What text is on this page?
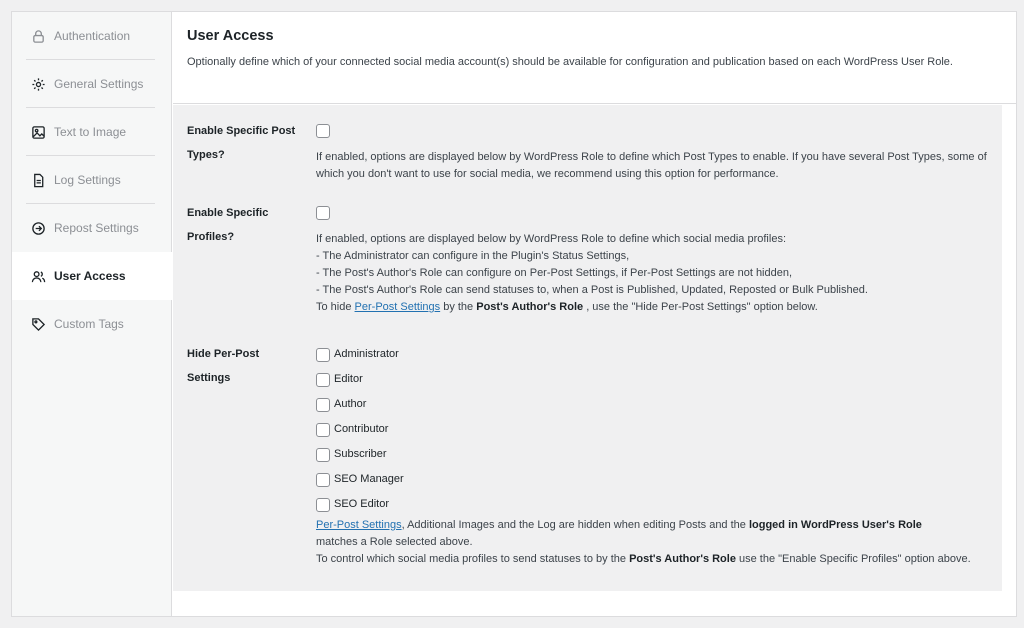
Authentication
General Settings
Text to Image
Log Settings
Repost Settings
User Access
Custom Tags
User Access

Optionally define which of your connected social media account(s) should be available for configuration and publication based on each WordPress User Role.

Enable Specific Post Types?	If enabled, options are displayed below by WordPress Role to define which Post Types to enable. If you have several Post Types, some of which you don't want to use for social media, we recommend using this option for performance.
Enable Specific Profiles?	If enabled, options are displayed below by WordPress Role to define which social media profiles:
- The Administrator can configure in the Plugin's Status Settings,
- The Post's Author's Role can configure on Per-Post Settings, if Per-Post Settings are not hidden,
- The Post's Author's Role can send statuses to, when a Post is Published, Updated, Reposted or Bulk Published.
To hide Per-Post Settings by the Post's Author's Role , use the "Hide Per-Post Settings" option below.
Hide Per-Post Settings
Administrator
Editor
Author
Contributor
Subscriber
SEO Manager
SEO Editor
Per-Post Settings, Additional Images and the Log are hidden when editing Posts and the logged in WordPress User's Role
matches a Role selected above.
To control which social media profiles to send statuses to by the Post's Author's Role use the "Enable Specific Profiles" option above.
